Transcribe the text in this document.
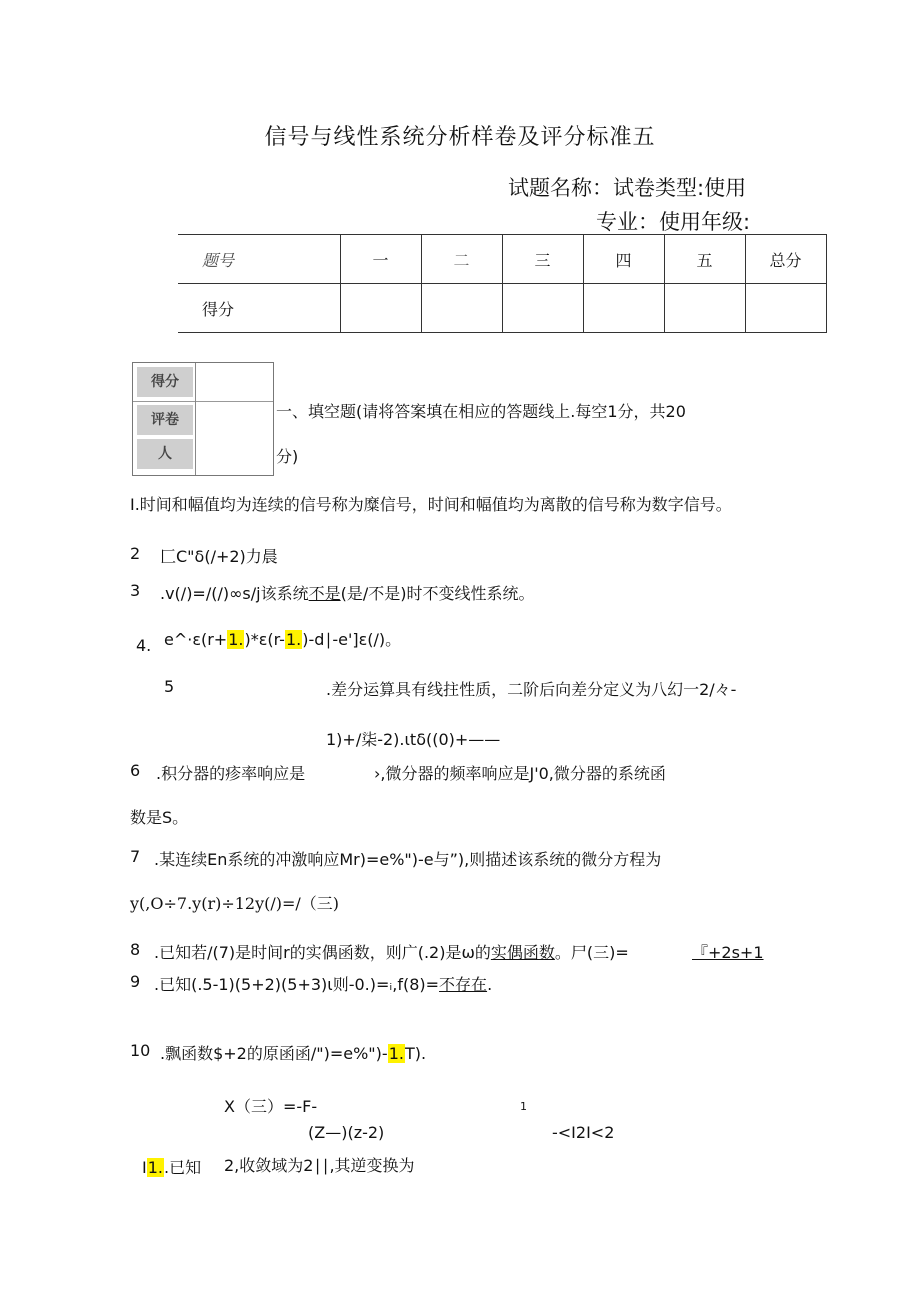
信号与线性系统分析样卷及评分标准五
试题名称：试卷类型:使用
专业：使用年级:
题号	一	二	三	四	五	总分
得分						
得分
评卷
人
一、填空题(请将答案填在相应的答题线上.每空1分，共20
分)
I.时间和幅值均为连续的信号称为糜信号，时间和幅值均为离散的信号称为数字信号。
2 匚C"δ(/+2)力晨
3 .v(/)=/(/)∞s/j该系统不是(是/不是)时不变线性系统。
4. e^·ε(r+1.)*ε(r-1.)-d∣-e']ε(/)。
5	.差分运算具有线拄性质，二阶后向差分定义为八幻一2/々-
1)+/柒-2).ιtδ((0)+——
6 .积分器的疹率响应是	›,微分器的频率响应是J'0,微分器的系统函
数是S。
7 .某连续En系统的冲激响应Mr)=e%")-e与”),则描述该系统的微分方程为
y(,O÷7.y(r)÷12y(/)=/（三)
8 .已知若/(7)是时间r的实偶函数，则广(.2)是ω的实偶函数。尸(三)=	『+2s+1
9 .已知(.5-1)(5+2)(5+3)ι则-0.)=ᵢ,f(8)=不存在.
10 .飘函数$+2的原函函/")=e%")-1.T).
X（三）=-F-	1
(Z—)(z-2)	-<I2I<2
I1..已知 2,收敛域为2∣∣,其逆变换为
